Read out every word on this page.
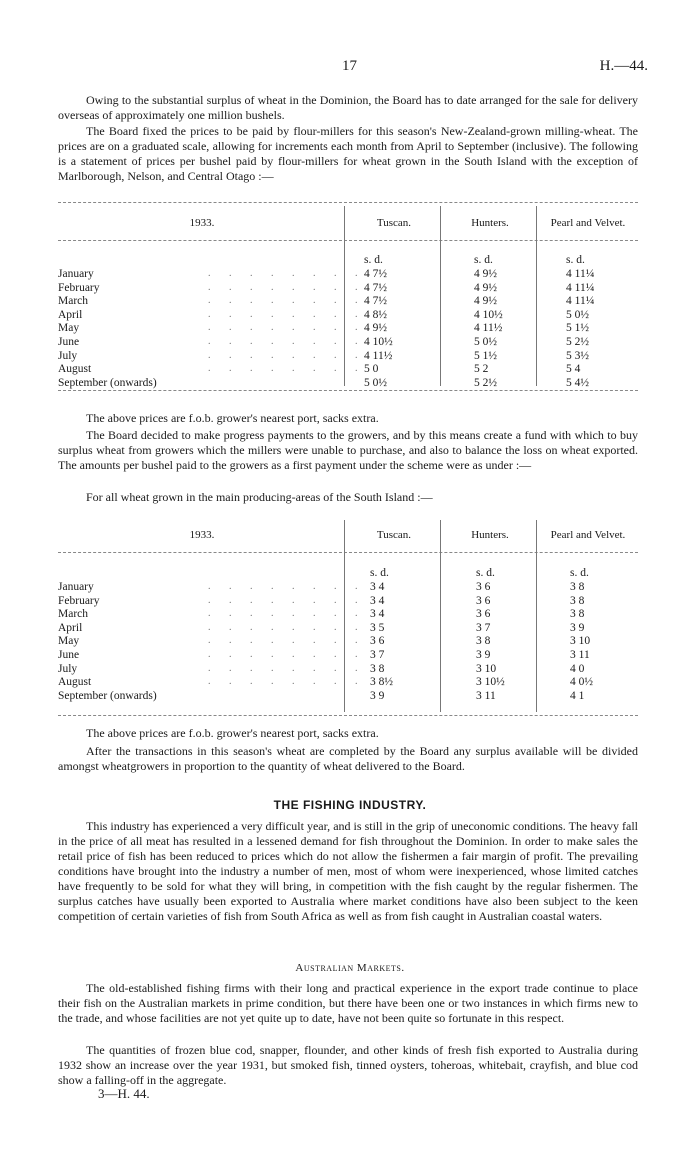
17	H.—44.

Owing to the substantial surplus of wheat in the Dominion, the Board has to date arranged for the sale for delivery overseas of approximately one million bushels.

The Board fixed the prices to be paid by flour-millers for this season's New-Zealand-grown milling-wheat. The prices are on a graduated scale, allowing for increments each month from April to September (inclusive). The following is a statement of prices per bushel paid by flour-millers for wheat grown in the South Island with the exception of Marlborough, Nelson, and Central Otago :—

1933.	Tuscan.	Hunters.	Pearl and Velvet.
s. d.	s. d.	s. d.
January	4 7½	4 9½	4 11¼
. . . . . . . .
February	4 7½	4 9½	4 11¼
. . . . . . . .
March	4 7½	4 9½	4 11¼
. . . . . . . .
April	4 8½	4 10½	5 0½
. . . . . . . .
May	4 9½	4 11½	5 1½
. . . . . . . .
June	4 10½	5 0½	5 2½
. . . . . . . .
July	4 11½	5 1½	5 3½
. . . . . . . .
August	5 0	5 2	5 4
. . . . . . . .
September (onwards)	5 0½	5 2½	5 4½

The above prices are f.o.b. grower's nearest port, sacks extra.

The Board decided to make progress payments to the growers, and by this means create a fund with which to buy surplus wheat from growers which the millers were unable to purchase, and also to balance the loss on wheat exported. The amounts per bushel paid to the growers as a first payment under the scheme were as under :—

For all wheat grown in the main producing-areas of the South Island :—

1933.	Tuscan.	Hunters.	Pearl and Velvet.
s. d.	s. d.	s. d.
January	3 4	3 6	3 8
. . . . . . . .
February	3 4	3 6	3 8
. . . . . . . .
March	3 4	3 6	3 8
. . . . . . . .
April	3 5	3 7	3 9
. . . . . . . .
May	3 6	3 8	3 10
. . . . . . . .
June	3 7	3 9	3 11
. . . . . . . .
July	3 8	3 10	4 0
. . . . . . . .
August	3 8½	3 10½	4 0½
. . . . . . . .
September (onwards)	3 9	3 11	4 1

The above prices are f.o.b. grower's nearest port, sacks extra.

After the transactions in this season's wheat are completed by the Board any surplus available will be divided amongst wheatgrowers in proportion to the quantity of wheat delivered to the Board.

THE FISHING INDUSTRY.

This industry has experienced a very difficult year, and is still in the grip of uneconomic conditions. The heavy fall in the price of all meat has resulted in a lessened demand for fish throughout the Dominion. In order to make sales the retail price of fish has been reduced to prices which do not allow the fishermen a fair margin of profit. The prevailing conditions have brought into the industry a number of men, most of whom were inexperienced, whose limited catches have frequently to be sold for what they will bring, in competition with the fish caught by the regular fishermen. The surplus catches have usually been exported to Australia where market conditions have also been subject to the keen competition of certain varieties of fish from South Africa as well as from fish caught in Australian coastal waters.

Australian Markets.

The old-established fishing firms with their long and practical experience in the export trade continue to place their fish on the Australian markets in prime condition, but there have been one or two instances in which firms new to the trade, and whose facilities are not yet quite up to date, have not been quite so fortunate in this respect.

The quantities of frozen blue cod, snapper, flounder, and other kinds of fresh fish exported to Australia during 1932 show an increase over the year 1931, but smoked fish, tinned oysters, toheroas, whitebait, crayfish, and blue cod show a falling-off in the aggregate.

3—H. 44.
